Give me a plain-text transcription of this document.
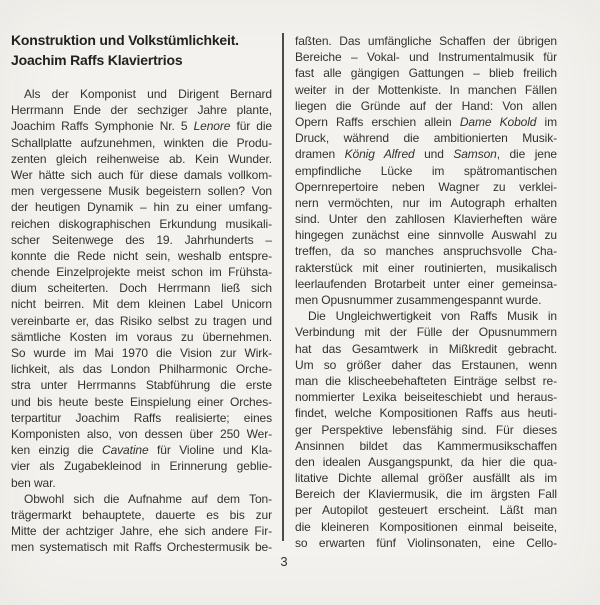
Konstruktion und Volkstümlichkeit.
Joachim Raffs Klaviertrios
Als der Komponist und Dirigent Bernard
Herrmann Ende der sechziger Jahre plante,
Joachim Raffs Symphonie Nr. 5 Lenore für die
Schallplatte aufzunehmen, winkten die Produ-
zenten gleich reihenweise ab. Kein Wunder.
Wer hätte sich auch für diese damals vollkom-
men vergessene Musik begeistern sollen? Von
der heutigen Dynamik – hin zu einer umfang-
reichen diskographischen Erkundung musikali-
scher Seitenwege des 19. Jahrhunderts –
konnte die Rede nicht sein, weshalb entspre-
chende Einzelprojekte meist schon im Frühsta-
dium scheiterten. Doch Herrmann ließ sich
nicht beirren. Mit dem kleinen Label Unicorn
vereinbarte er, das Risiko selbst zu tragen und
sämtliche Kosten im voraus zu übernehmen.
So wurde im Mai 1970 die Vision zur Wirk-
lichkeit, als das London Philharmonic Orche-
stra unter Herrmanns Stabführung die erste
und bis heute beste Einspielung einer Orches-
terpartitur Joachim Raffs realisierte; eines
Komponisten also, von dessen über 250 Wer-
ken einzig die Cavatine für Violine und Kla-
vier als Zugabekleinod in Erinnerung geblie-
ben war.
Obwohl sich die Aufnahme auf dem Ton-
trägermarkt behauptete, dauerte es bis zur
Mitte der achtziger Jahre, ehe sich andere Fir-
men systematisch mit Raffs Orchestermusik be-
faßten. Das umfängliche Schaffen der übrigen
Bereiche – Vokal- und Instrumentalmusik für
fast alle gängigen Gattungen – blieb freilich
weiter in der Mottenkiste. In manchen Fällen
liegen die Gründe auf der Hand: Von allen
Opern Raffs erschien allein Dame Kobold im
Druck, während die ambitionierten Musik-
dramen König Alfred und Samson, die jene
empfindliche Lücke im spätromantischen
Opernrepertoire neben Wagner zu verklei-
nern vermöchten, nur im Autograph erhalten
sind. Unter den zahllosen Klavierheften wäre
hingegen zunächst eine sinnvolle Auswahl zu
treffen, da so manches anspruchsvolle Cha-
rakterstück mit einer routinierten, musikalisch
leerlaufenden Brotarbeit unter einer gemeinsa-
men Opusnummer zusammengespannt wurde.
Die Ungleichwertigkeit von Raffs Musik in
Verbindung mit der Fülle der Opusnummern
hat das Gesamtwerk in Mißkredit gebracht.
Um so größer daher das Erstaunen, wenn
man die klischeebehafteten Einträge selbst re-
nommierter Lexika beiseiteschiebt und heraus-
findet, welche Kompositionen Raffs aus heuti-
ger Perspektive lebensfähig sind. Für dieses
Ansinnen bildet das Kammermusikschaffen
den idealen Ausgangspunkt, da hier die qua-
litative Dichte allemal größer ausfällt als im
Bereich der Klaviermusik, die im ärgsten Fall
per Autopilot gesteuert erscheint. Läßt man
die kleineren Kompositionen einmal beiseite,
so erwarten fünf Violinsonaten, eine Cello-
3
